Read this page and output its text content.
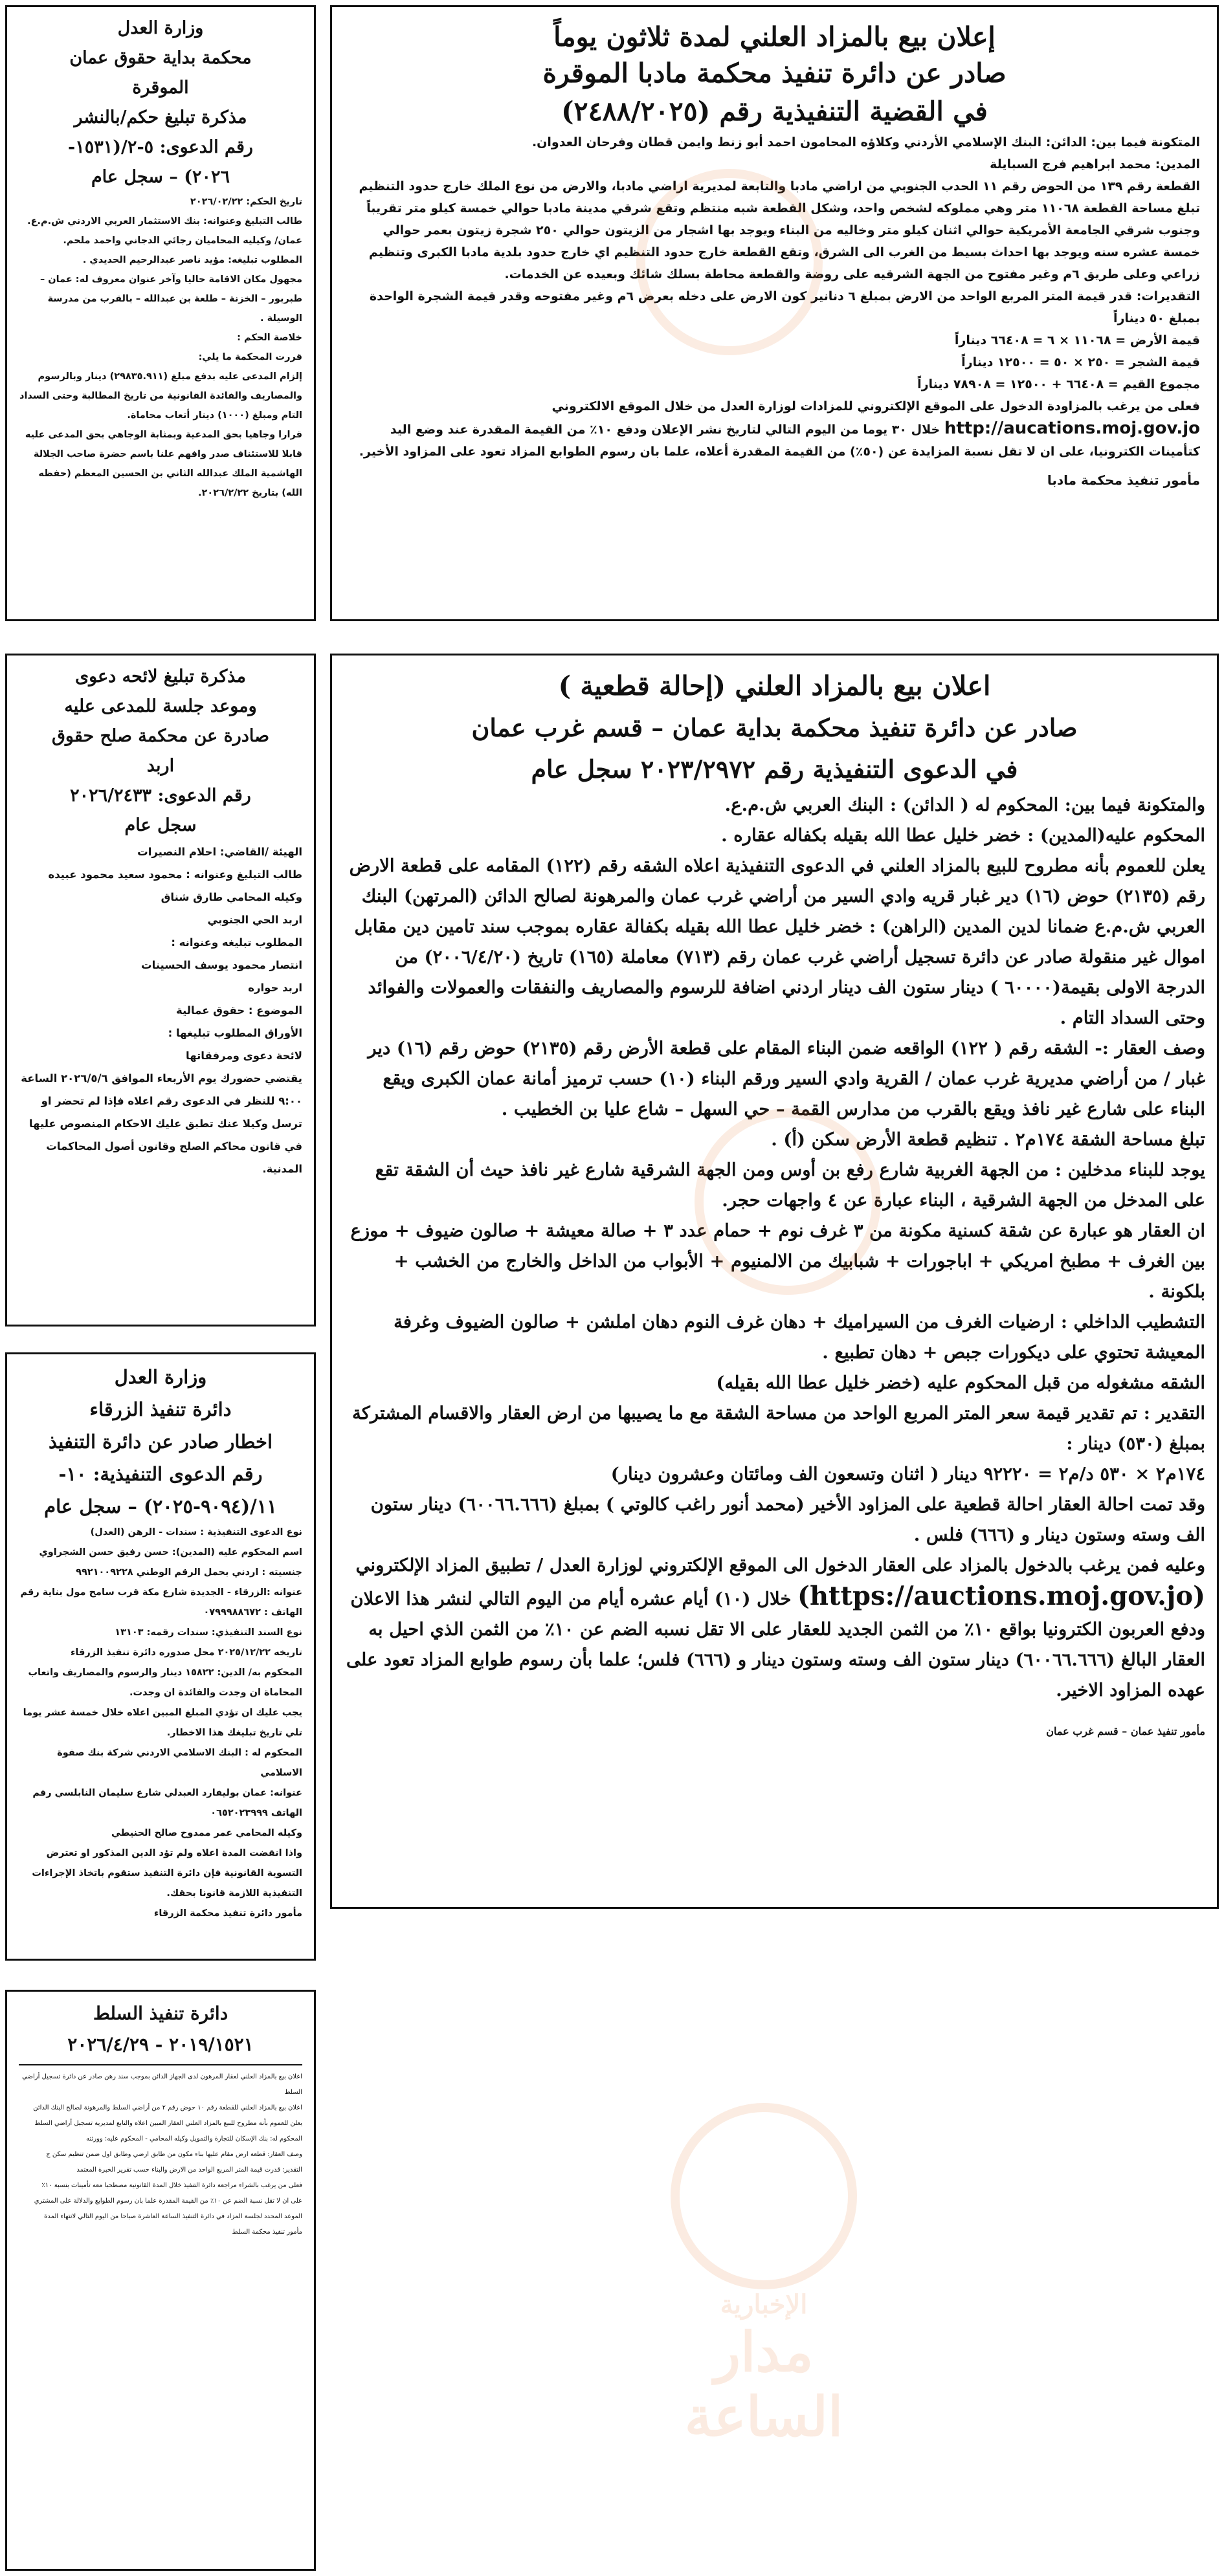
إعلان بيع بالمزاد العلني لمدة ثلاثون يوماً

صادر عن دائرة تنفيذ محكمة مادبا الموقرة

في القضية التنفيذية رقم (٢٤٨٨/٢٠٢٥)

المتكونة فيما بين: الدائن: البنك الإسلامي الأردني وكلاؤه المحامون احمد أبو زنط وايمن قطان وفرحان العدوان.

المدين: محمد ابراهيم فرج السبايلة

القطعة رقم ١٣٩ من الحوض رقم ١١ الحدب الجنوبي من اراضي مادبا والتابعة لمديرية اراضي مادبا، والارض من نوع الملك خارج حدود التنظيم تبلغ مساحة القطعة ١١٠٦٨ متر وهي مملوكه لشخص واحد، وشكل القطعة شبه منتظم وتقع شرقي مدينة مادبا حوالي خمسة كيلو متر تقريباً وجنوب شرقي الجامعة الأمريكية حوالي اثنان كيلو متر وخاليه من البناء ويوجد بها اشجار من الزيتون حوالي ٢٥٠ شجرة زيتون بعمر حوالي خمسة عشره سنه ويوجد بها احداث بسيط من الغرب الى الشرق، وتقع القطعة خارج حدود التنظيم اي خارج حدود بلدية مادبا الكبرى وتنظيم زراعي وعلى طريق ٦م وغير مفتوح من الجهة الشرقيه على روضة والقطعة محاطة بسلك شائك وبعيده عن الخدمات.

التقديرات: قدر قيمة المتر المربع الواحد من الارض بمبلغ ٦ دنانير كون الارض على دخله بعرض ٦م وغير مفتوحه وقدر قيمة الشجرة الواحدة بمبلغ ٥٠ ديناراً

قيمة الأرض = ١١٠٦٨ × ٦ = ٦٦٤٠٨ ديناراً

قيمة الشجر = ٢٥٠ × ٥٠ = ١٢٥٠٠ ديناراً

مجموع القيم = ٦٦٤٠٨ + ١٢٥٠٠ = ٧٨٩٠٨ ديناراً

فعلى من يرغب بالمزاودة الدخول على الموقع الإلكتروني للمزادات لوزارة العدل من خلال الموقع الالكتروني http://aucations.moj.gov.jo خلال ٣٠ يوما من اليوم التالي لتاريخ نشر الإعلان ودفع ١٠٪ من القيمة المقدرة عند وضع اليد كتأمينات الكترونيا، على ان لا تقل نسبة المزايدة عن (٥٠٪) من القيمة المقدرة أعلاه، علما بان رسوم الطوابع المزاد تعود على المزاود الأخير.

مأمور تنفيذ محكمة مادبا

وزارة العدل
محكمة بداية حقوق عمان
الموقرة
مذكرة تبليغ حكم/بالنشر
رقم الدعوى: ٥-٢/(١٥٣١-
٢٠٢٦) – سجل عام

تاريخ الحكم: ٢٠٢٦/٠٢/٢٢

طالب التبليغ وعنوانه: بنك الاستثمار العربي الاردني ش.م.ع.

عمان/ وكيليه المحاميان رجائي الدجاني واحمد ملحم.

المطلوب تبليغه: مؤيد ناصر عبدالرحيم الحديدي .

مجهول مكان الاقامة حاليا وآخر عنوان معروف له: عمان – طبربور – الخزنة – طلعة بن عبدالله – بالقرب من مدرسة الوسيلة .

خلاصة الحكم :

قررت المحكمة ما يلي:

إلزام المدعى عليه بدفع مبلغ (٢٩٨٣٥.٩١١) دينار وبالرسوم والمصاريف والفائدة القانونية من تاريخ المطالبة وحتى السداد التام ومبلغ (١٠٠٠) دينار أتعاب محاماة.

قرارا وجاهيا بحق المدعية وبمثابة الوجاهي بحق المدعى عليه قابلا للاستئناف صدر وافهم علنا باسم حضرة صاحب الجلالة الهاشمية الملك عبدالله الثاني بن الحسين المعظم (حفظه الله) بتاريخ ٢٠٢٦/٢/٢٢.

اعلان بيع بالمزاد العلني (إحالة قطعية )

صادر عن دائرة تنفيذ محكمة بداية عمان – قسم غرب عمان

في الدعوى التنفيذية رقم ٢٠٢٣/٢٩٧٢ سجل عام

والمتكونة فيما بين: المحكوم له ( الدائن) : البنك العربي ش.م.ع.

المحكوم عليه(المدين) : خضر خليل عطا الله بقيله بكفاله عقاره .

يعلن للعموم بأنه مطروح للبيع بالمزاد العلني في الدعوى التنفيذية اعلاه الشقه رقم (١٢٢) المقامه على قطعة الارض رقم (٢١٣٥) حوض (١٦) دير غبار قريه وادي السير من أراضي غرب عمان والمرهونة لصالح الدائن (المرتهن) البنك العربي ش.م.ع ضمانا لدين المدين (الراهن) : خضر خليل عطا الله بقيله بكفالة عقاره بموجب سند تامين دين مقابل اموال غير منقولة صادر عن دائرة تسجيل أراضي غرب عمان رقم (٧١٣) معاملة (١٦٥) تاريخ (٢٠٠٦/٤/٢٠) من الدرجة الاولى بقيمة(٦٠٠٠٠ ) دينار ستون الف دينار اردني اضافة للرسوم والمصاريف والنفقات والعمولات والفوائد وحتى السداد التام .

وصف العقار :- الشقه رقم ( ١٢٢) الواقعه ضمن البناء المقام على قطعة الأرض رقم (٢١٣٥) حوض رقم (١٦) دير غبار / من أراضي مديرية غرب عمان / القرية وادي السير ورقم البناء (١٠) حسب ترميز أمانة عمان الكبرى ويقع البناء على شارع غير نافذ ويقع بالقرب من مدارس القمة – حي السهل – شاع عليا بن الخطيب .

تبلغ مساحة الشقة ١٧٤م٢ . تنظيم قطعة الأرض سكن (أ) .

يوجد للبناء مدخلين : من الجهة الغربية شارع رفع بن أوس ومن الجهة الشرقية شارع غير نافذ حيث أن الشقة تقع على المدخل من الجهة الشرقية ، البناء عبارة عن ٤ واجهات حجر.

ان العقار هو عبارة عن شقة كسنية مكونة من ٣ غرف نوم + حمام عدد ٣ + صالة معيشة + صالون ضيوف + موزع بين الغرف + مطبخ امريكي + اباجورات + شبابيك من الالمنيوم + الأبواب من الداخل والخارج من الخشب + بلكونة .

التشطيب الداخلي : ارضيات الغرف من السيراميك + دهان غرف النوم دهان املشن + صالون الضيوف وغرفة المعيشة تحتوي على ديكورات جبص + دهان تطبيع .

الشقه مشغوله من قبل المحكوم عليه (خضر خليل عطا الله بقيله)

التقدير : تم تقدير قيمة سعر المتر المربع الواحد من مساحة الشقة مع ما يصيبها من ارض العقار والاقسام المشتركة بمبلغ (٥٣٠) دينار :

١٧٤م٢ × ٥٣٠ د/م٢ = ٩٢٢٢٠ دينار ( اثنان وتسعون الف ومائتان وعشرون دينار)

وقد تمت احالة العقار احالة قطعية على المزاود الأخير (محمد أنور راغب كالوتي ) بمبلغ (٦٠٠٦٦.٦٦٦) دينار ستون الف وسته وستون دينار و (٦٦٦) فلس .

وعليه فمن يرغب بالدخول بالمزاد على العقار الدخول الى الموقع الإلكتروني لوزارة العدل / تطبيق المزاد الإلكتروني (https://auctions.moj.gov.jo) خلال (١٠) أيام عشره أيام من اليوم التالي لنشر هذا الاعلان ودفع العربون الكترونيا بواقع ١٠٪ من الثمن الجديد للعقار على الا تقل نسبه الضم عن ١٠٪ من الثمن الذي احيل به العقار البالغ (٦٠٠٦٦.٦٦٦) دينار ستون الف وسته وستون دينار و (٦٦٦) فلس؛ علما بأن رسوم طوابع المزاد تعود على عهده المزاود الاخير.

مأمور تنفيذ عمان – قسم غرب عمان

مذكرة تبليغ لائحه دعوى
وموعد جلسة للمدعى عليه
صادرة عن محكمة صلح حقوق
اربد
رقم الدعوى: ٢٠٢٦/٢٤٣٣
سجل عام

الهيئة /القاضي: احلام النصيرات

طالب التبليغ وعنوانه : محمود سعيد محمود عبيده

وكيله المحامي طارق شناق

اربد الحي الجنوبي

المطلوب تبليغه وعنوانه :

انتصار محمود يوسف الحسينات

اربد حواره

الموضوع : حقوق عمالية

الأوراق المطلوب تبليغها :

لائحة دعوى ومرفقاتها

يقتضي حضورك يوم الأربعاء الموافق ٢٠٢٦/٥/٦ الساعة ٩:٠٠ للنظر في الدعوى رقم اعلاه فإذا لم تحضر او ترسل وكيلا عنك تطبق عليك الاحكام المنصوص عليها في قانون محاكم الصلح وقانون أصول المحاكمات المدنية.

وزارة العدل
دائرة تنفيذ الزرقاء
اخطار صادر عن دائرة التنفيذ
رقم الدعوى التنفيذية: ١٠-
١١/(٩٠٩٤-٢٠٢٥) – سجل عام

نوع الدعوى التنفيذية : سندات - الرهن (العدل)

اسم المحكوم عليه (المدين): حسن رفيق حسن الشجراوي

جنسيته : اردني بحمل الرقم الوطني ٩٩٢١٠٠٩٢٢٨

عنوانه :الزرقاء - الجديدة شارع مكة قرب سامح مول بناية رقم

الهاتف : ٠٧٩٩٩٨٨٦٧٢

نوع السند التنفيذي: سندات رقمه: ١٣١٠٣

تاريخه ٢٠٢٥/١٢/٢٢ محل صدوره دائرة تنفيذ الزرقاء

المحكوم به/ الدين: ١٥٨٢٢ دينار والرسوم والمصاريف واتعاب المحاماة ان وجدت والفائدة ان وجدت.

يجب عليك ان تؤدي المبلغ المبين اعلاه خلال خمسة عشر يوما تلي تاريخ تبليغك هذا الاخطار.

المحكوم له : البنك الاسلامي الاردني شركة بنك صفوة الاسلامي

عنوانه: عمان بوليفارد العبدلي شارع سليمان النابلسي رقم الهاتف ٠٦٥٢٠٢٣٩٩٩

وكيله المحامي عمر ممدوح صالح الحنيطي

واذا انقضت المدة اعلاه ولم تؤد الدين المذكور او تعترض التسوية القانونية فإن دائرة التنفيذ ستقوم باتخاذ الإجراءات التنفيذية اللازمة قانونا بحقك.

مأمور دائرة تنفيذ محكمة الزرقاء

دائرة تنفيذ السلط
٢٠١٩/١٥٢١ - ٢٠٢٦/٤/٢٩

اعلان بيع بالمزاد العلني لعقار المرهون لدى الجهاز الدائن بموجب سند رهن صادر عن دائرة تسجيل أراضي السلط

اعلان بيع بالمزاد العلني للقطعة رقم ١٠ حوض رقم ٢ من أراضي السلط والمرهونة لصالح البنك الدائن

يعلن للعموم بأنه مطروح للبيع بالمزاد العلني العقار المبين اعلاه والتابع لمديرية تسجيل أراضي السلط

المحكوم له: بنك الإسكان للتجارة والتمويل وكيله المحامي - المحكوم عليه: وورثته

وصف العقار: قطعة ارض مقام عليها بناء مكون من طابق ارضي وطابق اول ضمن تنظيم سكن ج

التقدير: قدرت قيمة المتر المربع الواحد من الارض والبناء حسب تقرير الخبرة المعتمد

فعلى من يرغب بالشراء مراجعة دائرة التنفيذ خلال المدة القانونية مصطحبا معه تأمينات بنسبة ١٠٪

على ان لا تقل نسبة الضم عن ١٠٪ من القيمة المقدرة علما بان رسوم الطوابع والدلالة على المشتري

الموعد المحدد لجلسة المزاد في دائرة التنفيذ الساعة العاشرة صباحا من اليوم التالي لانتهاء المدة

مأمور تنفيذ محكمة السلط

الإخبارية
مدار الساعة
